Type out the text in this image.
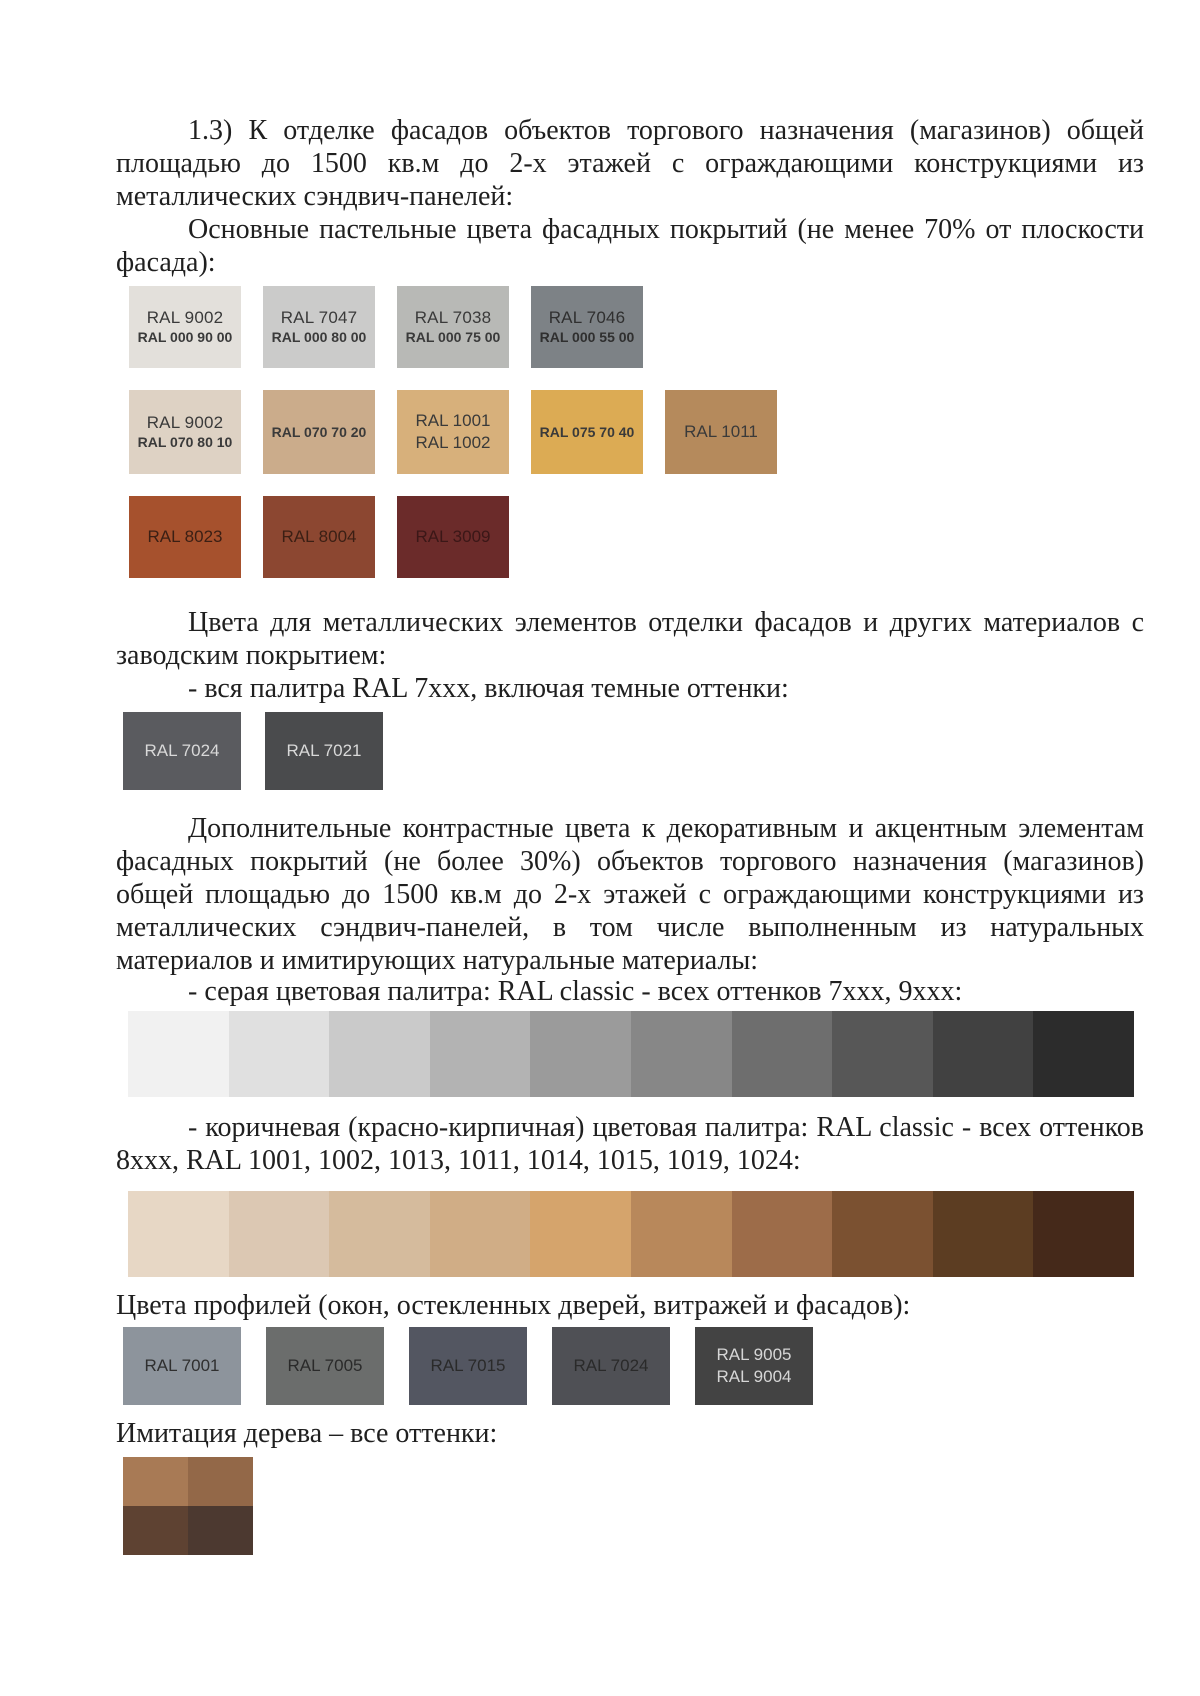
1.3) К отделке фасадов объектов торгового назначения (магазинов) общей площадью до 1500 кв.м до 2-х этажей с ограждающими конструкциями из металлических сэндвич-панелей:

Основные пастельные цвета фасадных покрытий (не менее 70% от плоскости фасада):

RAL 9002
RAL 000 90 00
RAL 7047
RAL 000 80 00
RAL 7038
RAL 000 75 00
RAL 7046
RAL 000 55 00
RAL 9002
RAL 070 80 10
RAL 070 70 20
RAL 1001
RAL 1002
RAL 075 70 40	RAL 1011
RAL 8023	RAL 8004	RAL 3009

Цвета для металлических элементов отделки фасадов и других материалов с заводским покрытием:

- вся палитра RAL 7xxx, включая темные оттенки:

RAL 7024	RAL 7021

Дополнительные контрастные цвета к декоративным и акцентным элементам фасадных покрытий (не более 30%) объектов торгового назначения (магазинов) общей площадью до 1500 кв.м до 2-х этажей с ограждающими конструкциями из металлических сэндвич-панелей, в том числе выполненным из натуральных материалов и имитирующих натуральные материалы:

- серая цветовая палитра: RAL classic - всех оттенков 7xxx, 9xxx:

- коричневая (красно-кирпичная) цветовая палитра: RAL classic - всех оттенков 8xxx, RAL 1001, 1002, 1013, 1011, 1014, 1015, 1019, 1024:

Цвета профилей (окон, остекленных дверей, витражей и фасадов):

RAL 7001	RAL 7005	RAL 7015	RAL 7024
RAL 9005
RAL 9004

Имитация дерева – все оттенки:
